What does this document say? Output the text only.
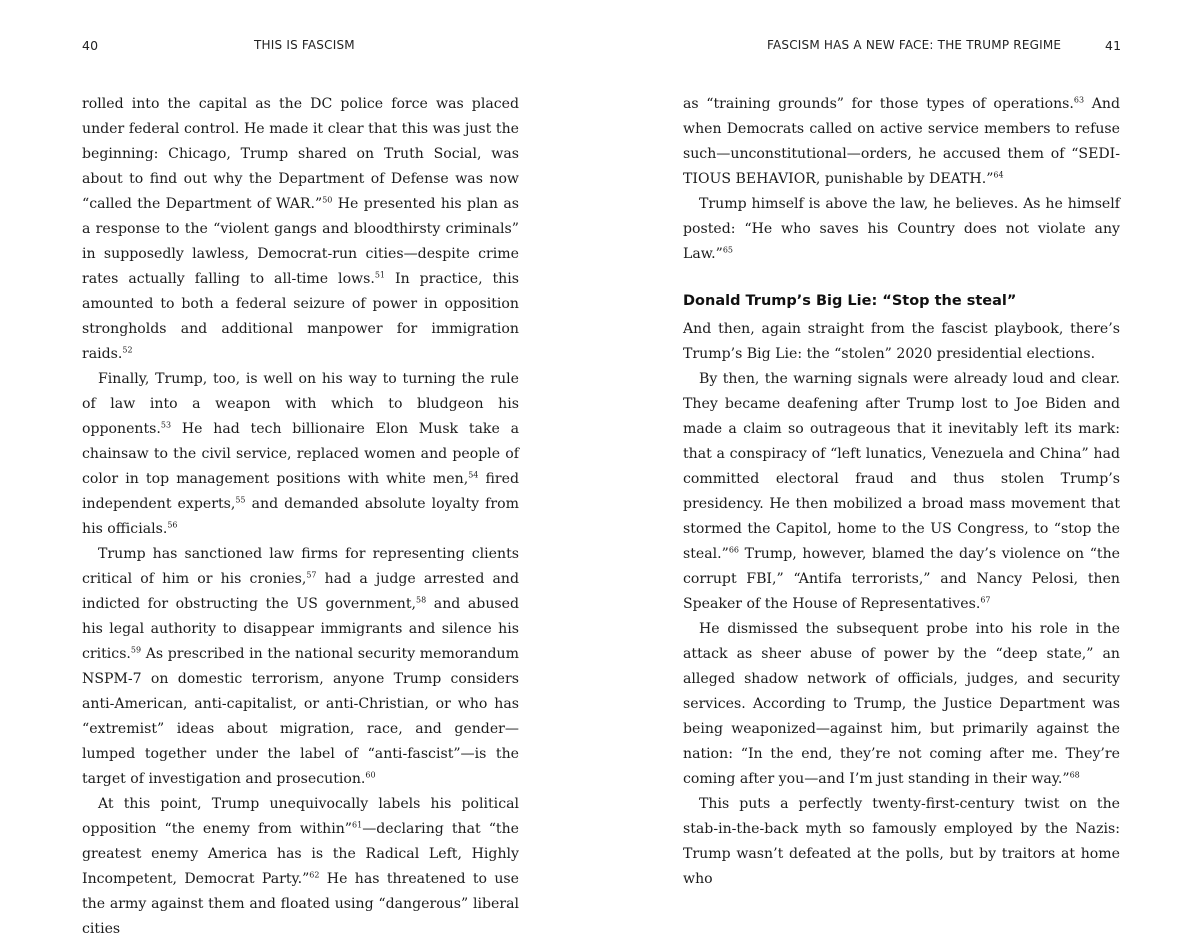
40	THIS IS FASCISM

rolled into the capital as the DC police force was placed under federal control. He made it clear that this was just the beginning: Chicago, Trump shared on Truth Social, was about to find out why the Department of Defense was now “called the Department of WAR.”$^{50}$ He presented his plan as a response to the “violent gangs and bloodthirsty criminals” in supposedly lawless, Democrat-run cities—despite crime rates actually falling to all-time lows.$^{51}$ In practice, this amounted to both a federal seizure of power in opposition strongholds and additional manpower for immigration raids.$^{52}$

Finally, Trump, too, is well on his way to turning the rule of law into a weapon with which to bludgeon his opponents.$^{53}$ He had tech billionaire Elon Musk take a chainsaw to the civil service, replaced women and people of color in top management positions with white men,$^{54}$ fired independent experts,$^{55}$ and demanded absolute loyalty from his officials.$^{56}$

Trump has sanctioned law firms for representing clients critical of him or his cronies,$^{57}$ had a judge arrested and indicted for obstructing the US government,$^{58}$ and abused his legal authority to disappear immigrants and silence his critics.$^{59}$ As prescribed in the national security memorandum NSPM-7 on domestic terrorism, anyone Trump considers anti-American, anti-capitalist, or anti-Christian, or who has “extremist” ideas about migration, race, and gender—lumped together under the label of “anti-fascist”—is the target of investigation and prosecution.$^{60}$

At this point, Trump unequivocally labels his political opposition “the enemy from within”$^{61}$—declaring that “the greatest enemy America has is the Radical Left, Highly Incompetent, Democrat Party.”$^{62}$ He has threatened to use the army against them and floated using “dangerous” liberal cities

FASCISM HAS A NEW FACE: THE TRUMP REGIME	41

as “training grounds” for those types of operations.$^{63}$ And when Democrats called on active service members to refuse such—unconstitutional—orders, he accused them of “SEDITIOUS BEHAVIOR, punishable by DEATH.”$^{64}$

Trump himself is above the law, he believes. As he himself posted: “He who saves his Country does not violate any Law.”$^{65}$

Donald Trump’s Big Lie: “Stop the steal”

And then, again straight from the fascist playbook, there’s Trump’s Big Lie: the “stolen” 2020 presidential elections.

By then, the warning signals were already loud and clear. They became deafening after Trump lost to Joe Biden and made a claim so outrageous that it inevitably left its mark: that a conspiracy of “left lunatics, Venezuela and China” had committed electoral fraud and thus stolen Trump’s presidency. He then mobilized a broad mass movement that stormed the Capitol, home to the US Congress, to “stop the steal.”$^{66}$ Trump, however, blamed the day’s violence on “the corrupt FBI,” “Antifa terrorists,” and Nancy Pelosi, then Speaker of the House of Representatives.$^{67}$

He dismissed the subsequent probe into his role in the attack as sheer abuse of power by the “deep state,” an alleged shadow network of officials, judges, and security services. According to Trump, the Justice Department was being weaponized—against him, but primarily against the nation: “In the end, they’re not coming after me. They’re coming after you—and I’m just standing in their way.”$^{68}$

This puts a perfectly twenty-first-century twist on the stab-in-the-back myth so famously employed by the Nazis: Trump wasn’t defeated at the polls, but by traitors at home who
